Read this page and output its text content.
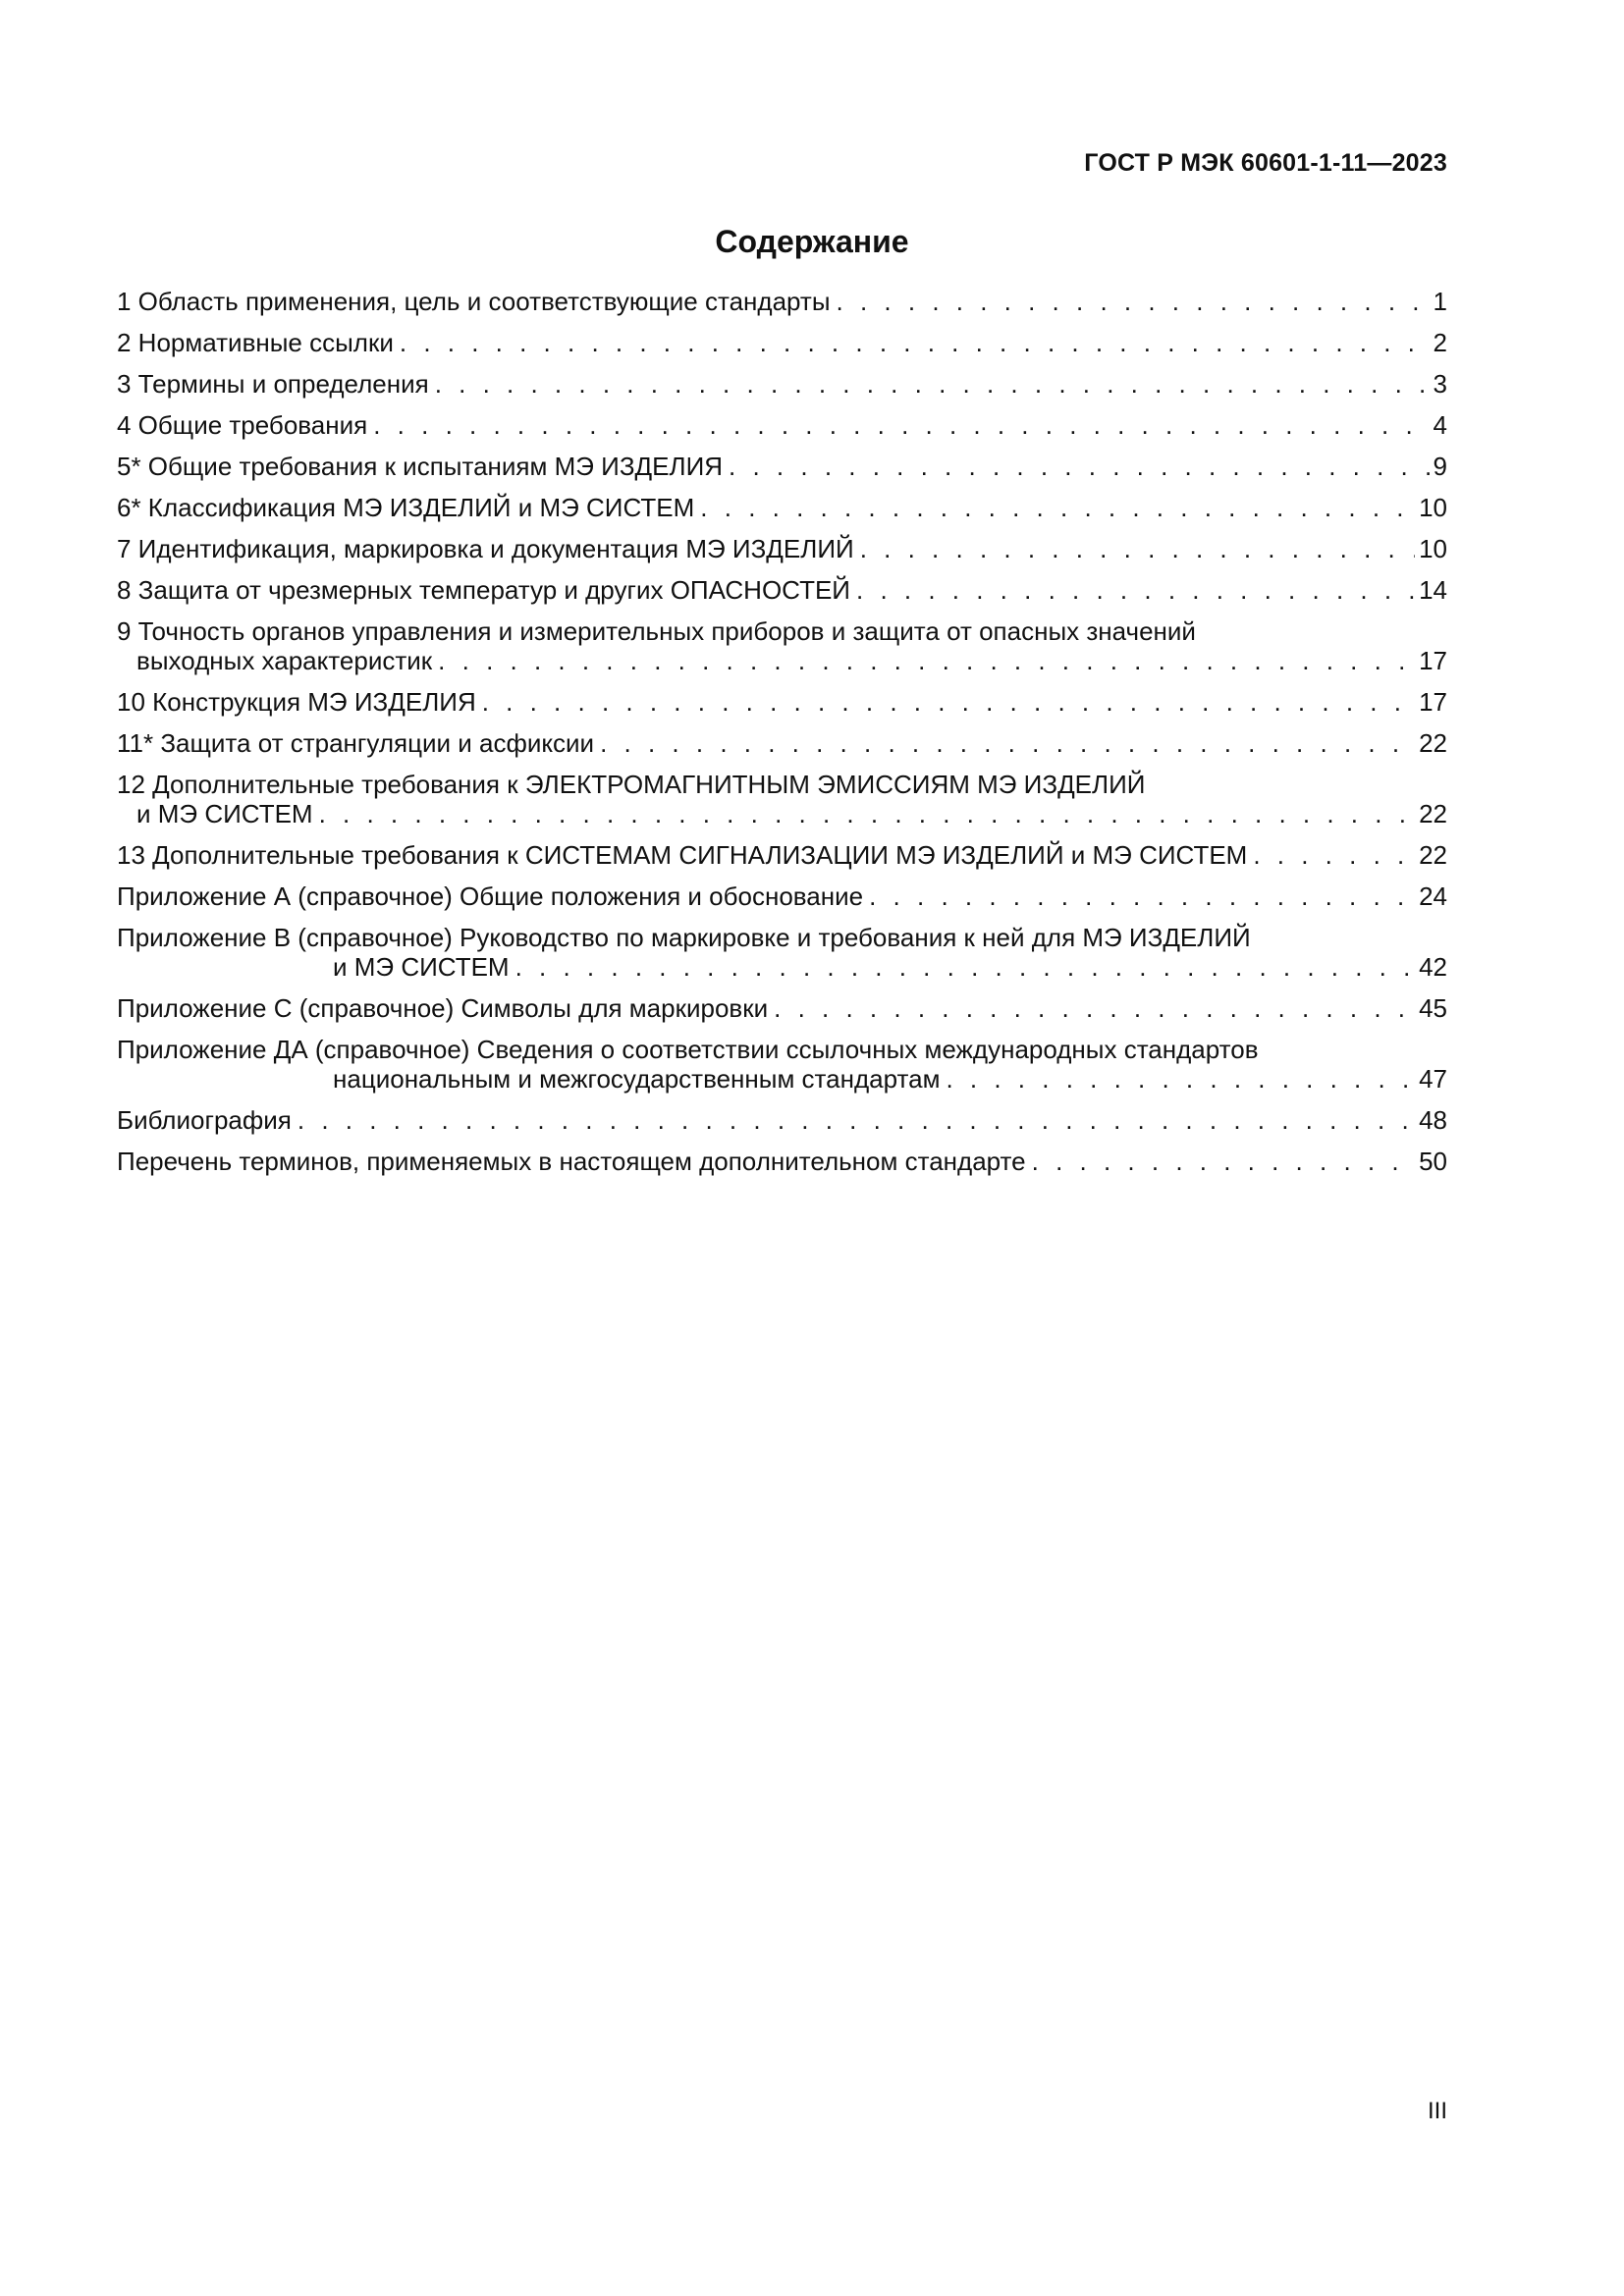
ГОСТ Р МЭК 60601-1-11—2023
Содержание
1 Область применения, цель и соответствующие стандарты . . .	1
2 Нормативные ссылки . . .	2
3 Термины и определения . . .	3
4 Общие требования . . .	4
5* Общие требования к испытаниям МЭ ИЗДЕЛИЯ . . .	9
6* Классификация МЭ ИЗДЕЛИЙ и МЭ СИСТЕМ . . .	10
7 Идентификация, маркировка и документация МЭ ИЗДЕЛИЙ . . .	10
8 Защита от чрезмерных температур и других ОПАСНОСТЕЙ . . .	14
9 Точность органов управления и измерительных приборов и защита от опасных значений
выходных характеристик . . .	17
10 Конструкция МЭ ИЗДЕЛИЯ . . .	17
11* Защита от странгуляции и асфиксии . . .	22
12 Дополнительные требования к ЭЛЕКТРОМАГНИТНЫМ ЭМИССИЯМ МЭ ИЗДЕЛИЙ
и МЭ СИСТЕМ . . .	22
13 Дополнительные требования к СИСТЕМАМ СИГНАЛИЗАЦИИ МЭ ИЗДЕЛИЙ и МЭ СИСТЕМ . . .	22
Приложение А (справочное) Общие положения и обоснование . . .	24
Приложение В (справочное) Руководство по маркировке и требования к ней для МЭ ИЗДЕЛИЙ
и МЭ СИСТЕМ . . .	42
Приложение С (справочное) Символы для маркировки . . .	45
Приложение ДА (справочное) Сведения о соответствии ссылочных международных стандартов
национальным и межгосударственным стандартам . . .	47
Библиография . . .	48
Перечень терминов, применяемых в настоящем дополнительном стандарте . . .	50
III
